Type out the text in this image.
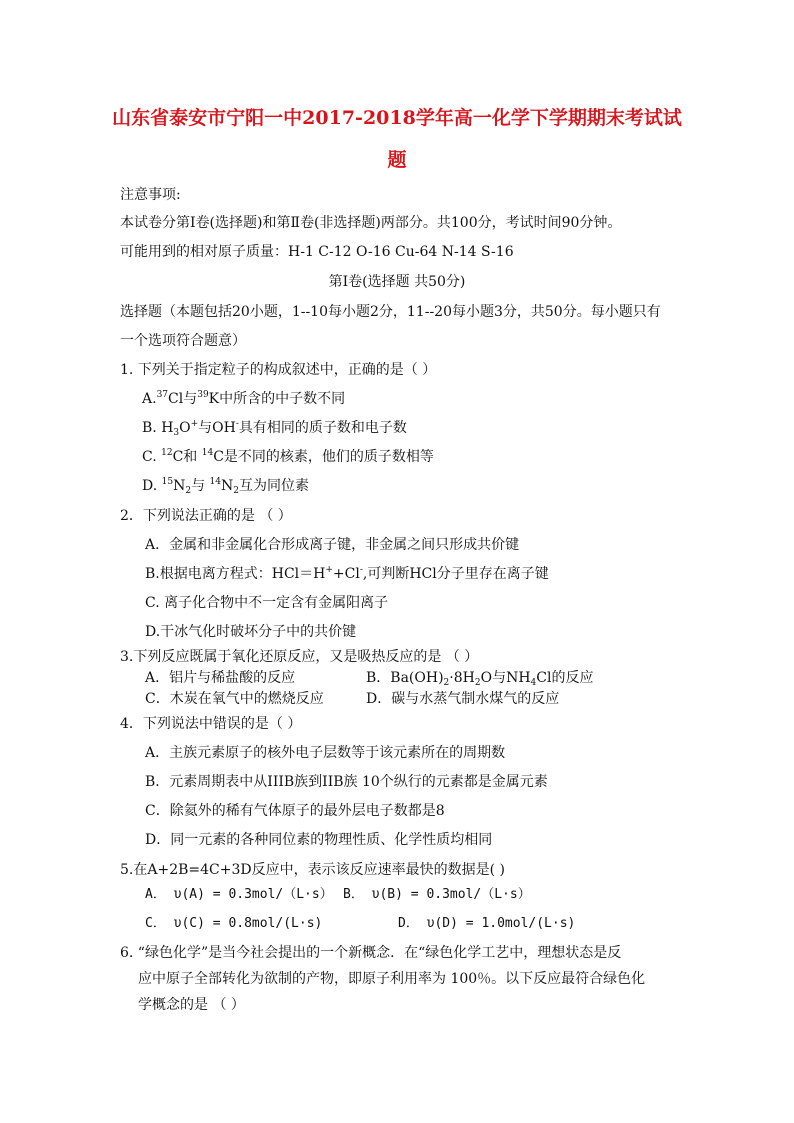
山东省泰安市宁阳一中2017-2018学年高一化学下学期期末考试试
题
注意事项:
本试卷分第Ⅰ卷(选择题)和第Ⅱ卷(非选择题)两部分。共100分，考试时间90分钟。
可能用到的相对原子质量：H-1 C-12 O-16 Cu-64 N-14 S-16
第Ⅰ卷(选择题 共50分)
选择题（本题包括20小题，1--10每小题2分，11--20每小题3分，共50分。每小题只有
一个选项符合题意）
1. 下列关于指定粒子的构成叙述中，正确的是（ ）
A.$^{37}$Cl与$^{39}$K中所含的中子数不同
B. $H_3O^+$与OH-具有相同的质子数和电子数
C. $^{12}$C和 $^{14}$C是不同的核素，他们的质子数相等
D. $^{15}N_2$与 $^{14}N_2$互为同位素
2．下列说法正确的是 （ ）
A．金属和非金属化合形成离子键，非金属之间只形成共价键
B.根据电离方程式：HCl＝H++Cl-,可判断HCl分子里存在离子键
C. 离子化合物中不一定含有金属阳离子
D.干冰气化时破坏分子中的共价键
3.下列反应既属于氧化还原反应，又是吸热反应的是 （ ）
A．铝片与稀盐酸的反应	B．$Ba(OH)_2\cdot 8H_2O$与$NH_4Cl$的反应
C．木炭在氧气中的燃烧反应	D．碳与水蒸气制水煤气的反应
4．下列说法中错误的是（ ）
A．主族元素原子的核外电子层数等于该元素所在的周期数
B．元素周期表中从IIIB族到IIB族 10个纵行的元素都是金属元素
C．除氦外的稀有气体原子的最外层电子数都是8
D．同一元素的各种同位素的物理性质、化学性质均相同
5.在A+2B=4C+3D反应中，表示该反应速率最快的数据是( )
A． υ(A) = 0.3mol/（L·s） B． υ(B) = 0.3mol/（L·s）
C． υ(C) = 0.8mol/(L·s)	D． υ(D) = 1.0mol/(L·s)
6. “绿色化学”是当今社会提出的一个新概念．在“绿色化学工艺中，理想状态是反
应中原子全部转化为欲制的产物，即原子利用率为 100％。以下反应最符合绿色化
学概念的是 （ ）
